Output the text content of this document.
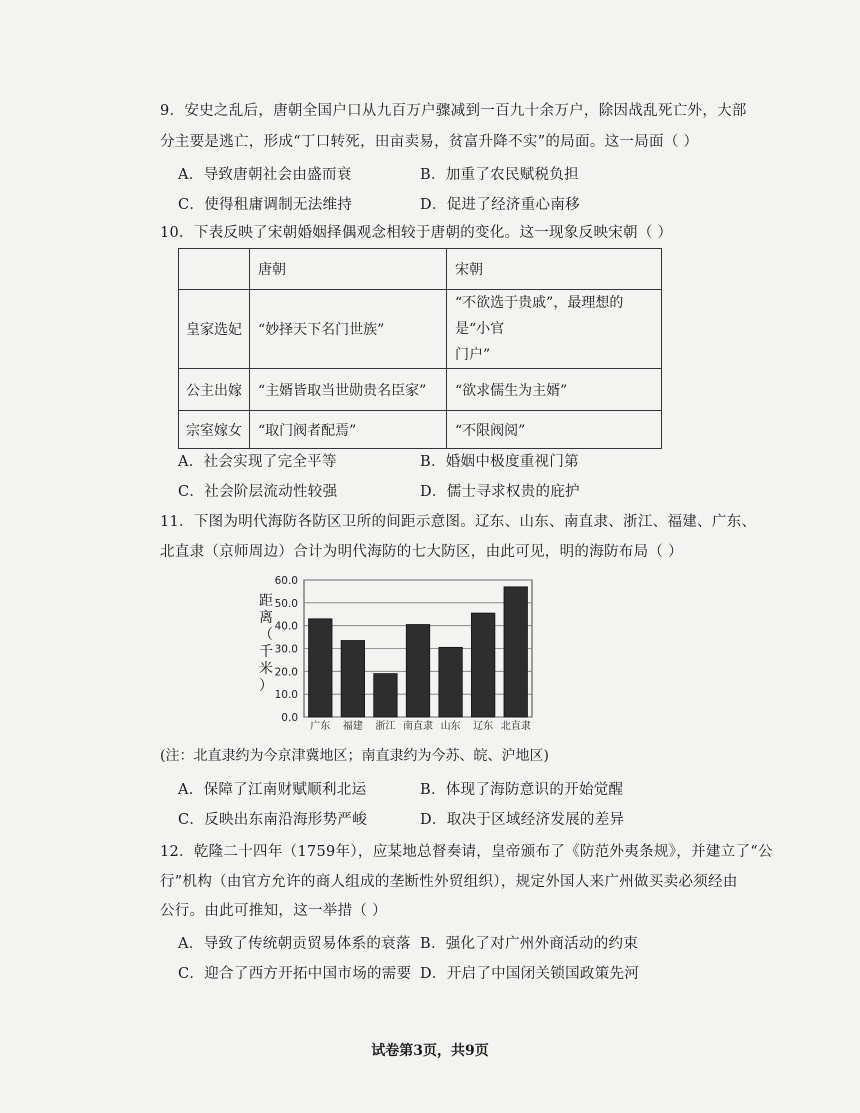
9．安史之乱后，唐朝全国户口从九百万户骤减到一百九十余万户，除因战乱死亡外，大部
分主要是逃亡，形成“丁口转死，田亩卖易，贫富升降不实”的局面。这一局面（ ）
A．导致唐朝社会由盛而衰	B．加重了农民赋税负担
C．使得租庸调制无法维持	D．促进了经济重心南移
10．下表反映了宋朝婚姻择偶观念相较于唐朝的变化。这一现象反映宋朝（ ）
	唐朝	宋朝
皇家选妃	“妙择天下名门世族”	“不欲选于贵戚”，最理想的是“小官
门户”

公主出嫁	“主婿皆取当世勋贵名臣家”	“欲求儒生为主婿”
宗室嫁女	“取门阀者配焉”	“不限阀阅”
A．社会实现了完全平等	B．婚姻中极度重视门第
C．社会阶层流动性较强	D．儒士寻求权贵的庇护
11．下图为明代海防各防区卫所的间距示意图。辽东、山东、南直隶、浙江、福建、广东、
北直隶（京师周边）合计为明代海防的七大防区，由此可见，明的海防布局（ ）
0.0
10.0
20.0
30.0
40.0
50.0
60.0
广东 福建 浙江 南直隶 山东 辽东 北直隶
距
离
（
千
米
）
(注：北直隶约为今京津冀地区；南直隶约为今苏、皖、沪地区)
A．保障了江南财赋顺利北运	B．体现了海防意识的开始觉醒
C．反映出东南沿海形势严峻	D．取决于区域经济发展的差异
12．乾隆二十四年（1759年），应某地总督奏请，皇帝颁布了《防范外夷条规》，并建立了“公
行”机构（由官方允许的商人组成的垄断性外贸组织），规定外国人来广州做买卖必须经由
公行。由此可推知，这一举措（ ）
A．导致了传统朝贡贸易体系的衰落 B．强化了对广州外商活动的约束
C．迎合了西方开拓中国市场的需要 D．开启了中国闭关锁国政策先河
试卷第3页，共9页
